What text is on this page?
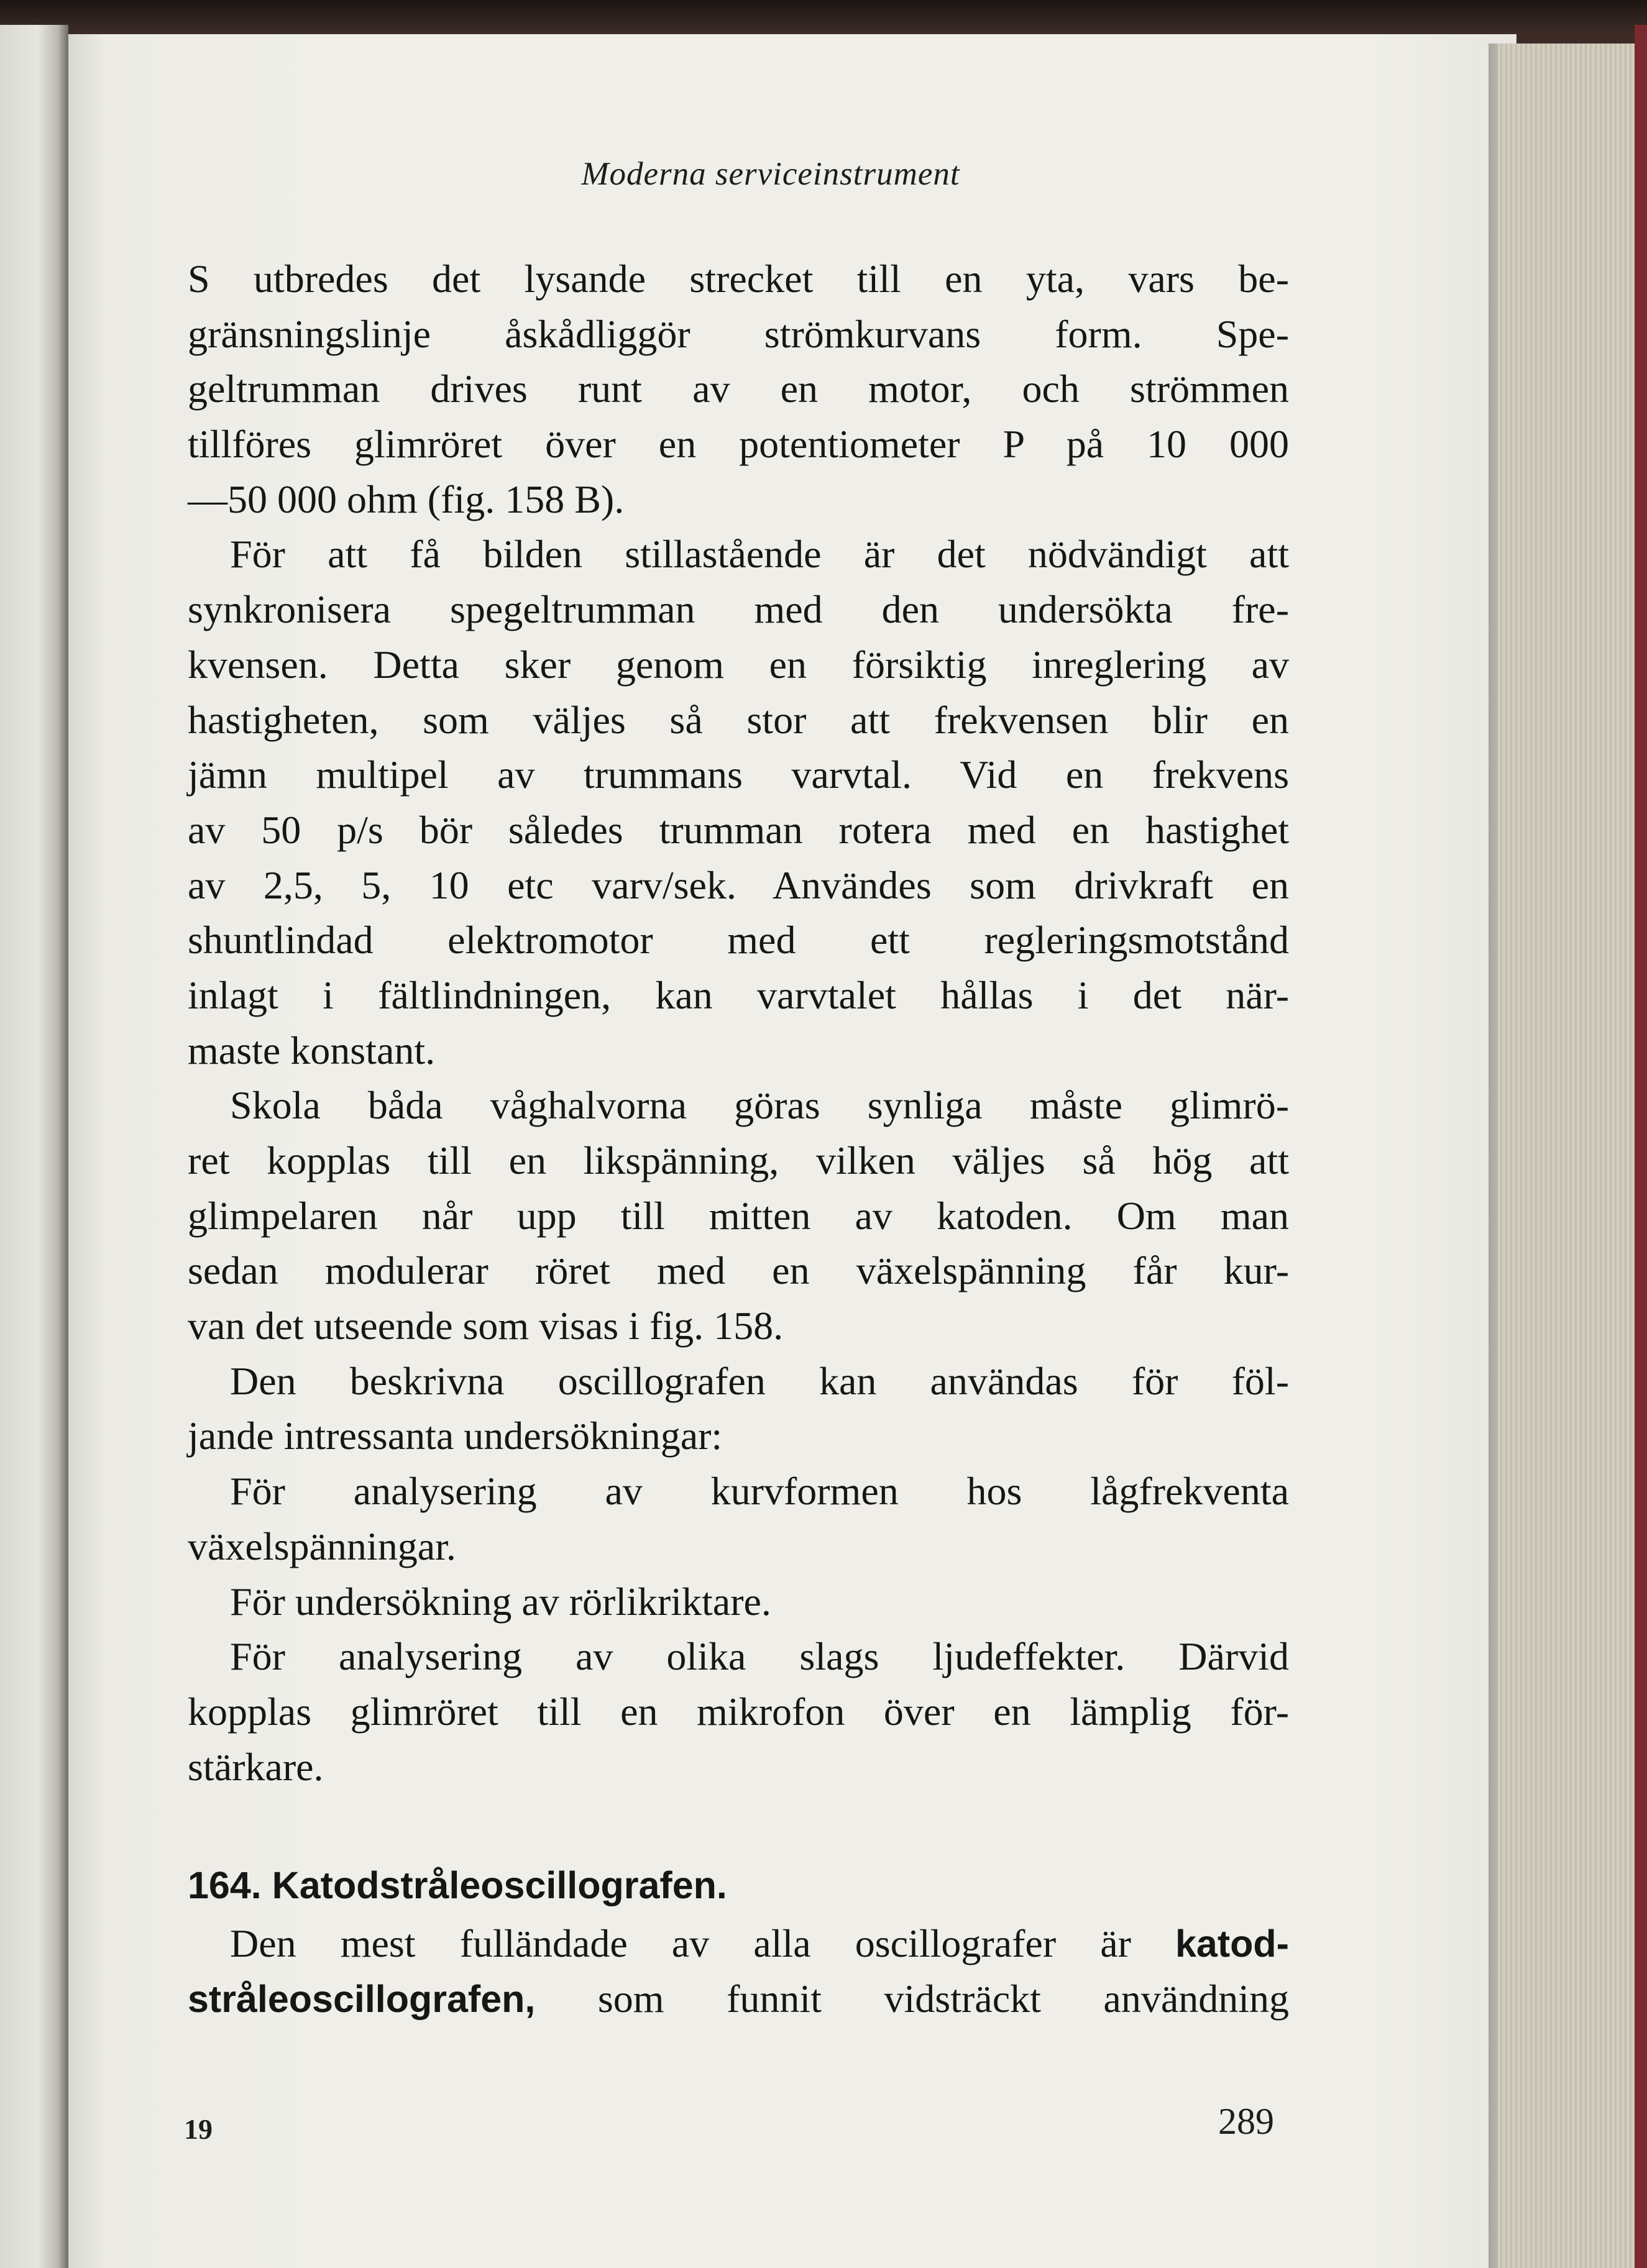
Moderna serviceinstrument
S utbredes det lysande strecket till en yta, vars be-
gränsningslinje åskådliggör strömkurvans form. Spe-
geltrumman drives runt av en motor, och strömmen
tillföres glimröret över en potentiometer P på 10 000
—50 000 ohm (fig. 158 B).
För att få bilden stillastående är det nödvändigt att
synkronisera spegeltrumman med den undersökta fre-
kvensen. Detta sker genom en försiktig inreglering av
hastigheten, som väljes så stor att frekvensen blir en
jämn multipel av trummans varvtal. Vid en frekvens
av 50 p/s bör således trumman rotera med en hastighet
av 2,5, 5, 10 etc varv/sek. Användes som drivkraft en
shuntlindad elektromotor med ett regleringsmotstånd
inlagt i fältlindningen, kan varvtalet hållas i det när-
maste konstant.
Skola båda våghalvorna göras synliga måste glimrö-
ret kopplas till en likspänning, vilken väljes så hög att
glimpelaren når upp till mitten av katoden. Om man
sedan modulerar röret med en växelspänning får kur-
van det utseende som visas i fig. 158.
Den beskrivna oscillografen kan användas för föl-
jande intressanta undersökningar:
För analysering av kurvformen hos lågfrekventa
växelspänningar.
För undersökning av rörlikriktare.
För analysering av olika slags ljudeffekter. Därvid
kopplas glimröret till en mikrofon över en lämplig för-
stärkare.
164. Katodstråleoscillografen.
Den mest fulländade av alla oscillografer är katod-
stråleoscillografen, som funnit vidsträckt användning
19	289
